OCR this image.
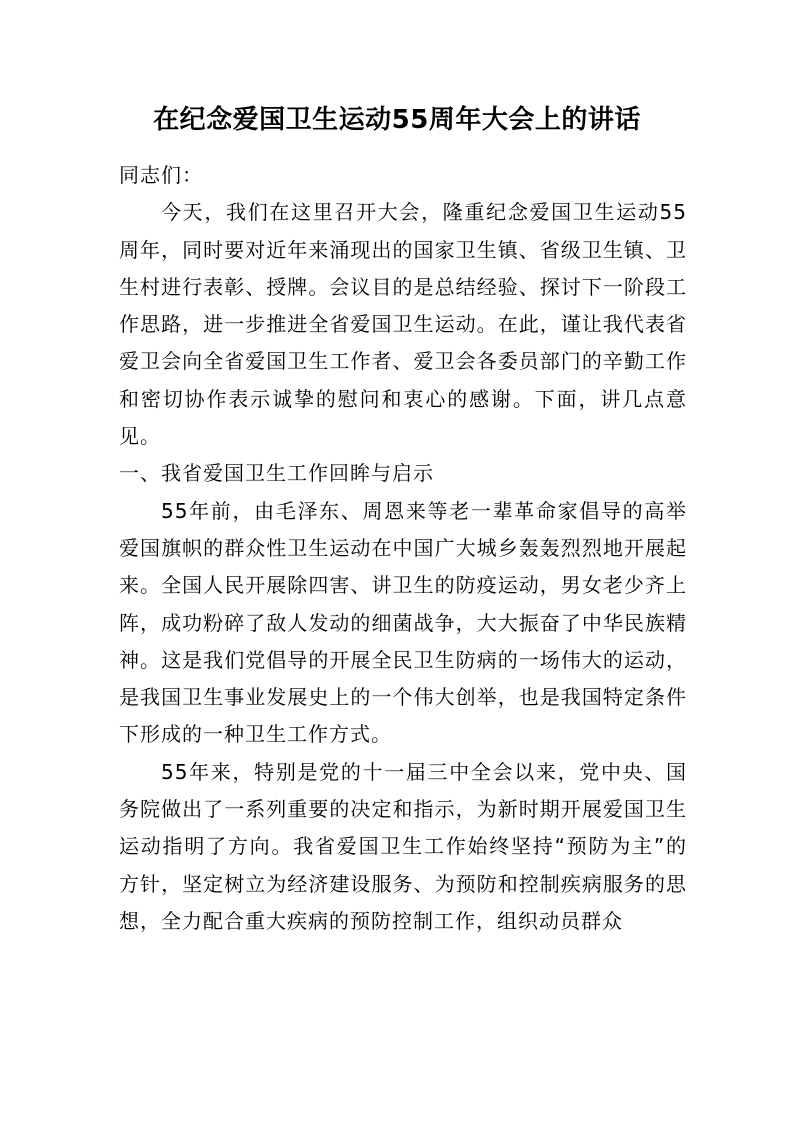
在纪念爱国卫生运动55周年大会上的讲话

同志们：

今天，我们在这里召开大会，隆重纪念爱国卫生运动55周年，同时要对近年来涌现出的国家卫生镇、省级卫生镇、卫生村进行表彰、授牌。会议目的是总结经验、探讨下一阶段工作思路，进一步推进全省爱国卫生运动。在此，谨让我代表省爱卫会向全省爱国卫生工作者、爱卫会各委员部门的辛勤工作和密切协作表示诚挚的慰问和衷心的感谢。下面，讲几点意见。

一、我省爱国卫生工作回眸与启示

55年前，由毛泽东、周恩来等老一辈革命家倡导的高举爱国旗帜的群众性卫生运动在中国广大城乡轰轰烈烈地开展起来。全国人民开展除四害、讲卫生的防疫运动，男女老少齐上阵，成功粉碎了敌人发动的细菌战争，大大振奋了中华民族精神。这是我们党倡导的开展全民卫生防病的一场伟大的运动，是我国卫生事业发展史上的一个伟大创举，也是我国特定条件下形成的一种卫生工作方式。

55年来，特别是党的十一届三中全会以来，党中央、国务院做出了一系列重要的决定和指示，为新时期开展爱国卫生运动指明了方向。我省爱国卫生工作始终坚持“预防为主”的方针，坚定树立为经济建设服务、为预防和控制疾病服务的思想，全力配合重大疾病的预防控制工作，组织动员群众
